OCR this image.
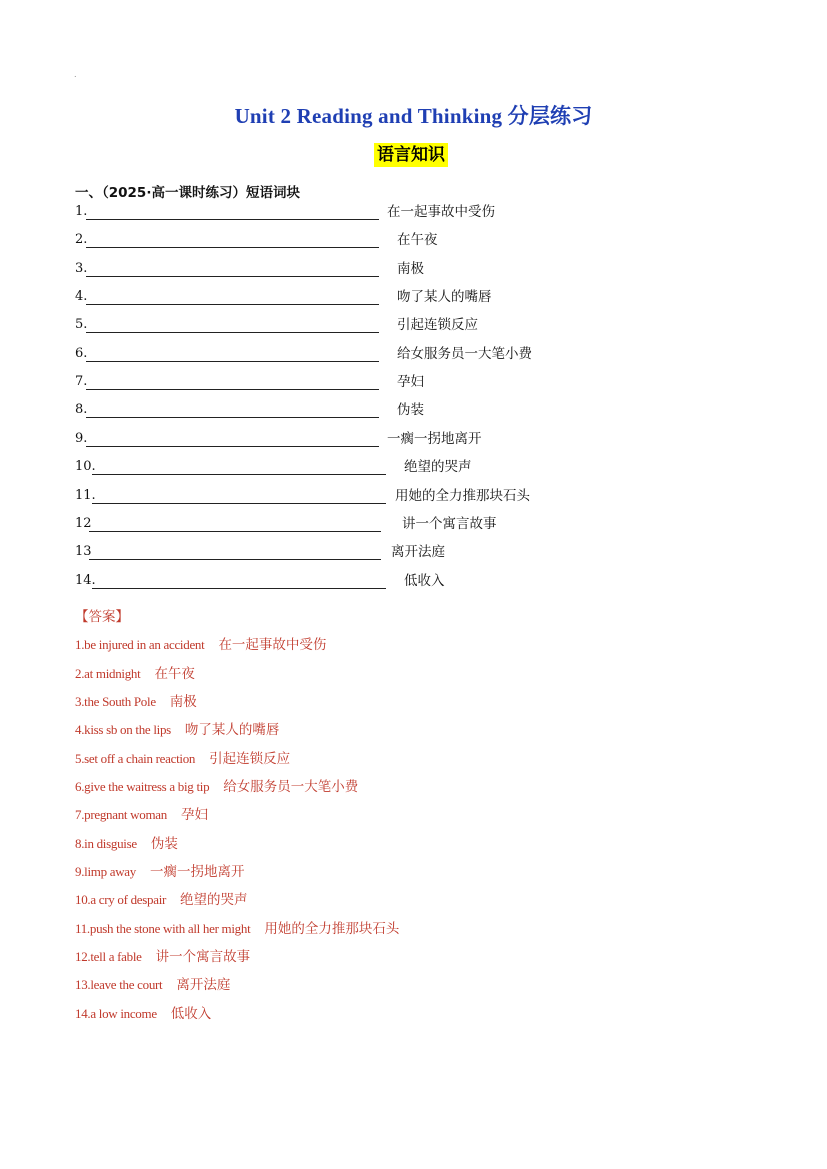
.
Unit 2 Reading and Thinking 分层练习
语言知识
一、（2025·高一课时练习）短语词块
1.	在一起事故中受伤
2.	在午夜
3.	南极
4.	吻了某人的嘴唇
5.	引起连锁反应
6.	给女服务员一大笔小费
7.	孕妇
8.	伪装
9.	一瘸一拐地离开
10.	绝望的哭声
11.	用她的全力推那块石头
12	讲一个寓言故事
13	离开法庭
14.	低收入
【答案】
1.be injured in an accident 在一起事故中受伤
2.at midnight 在午夜
3.the South Pole 南极
4.kiss sb on the lips 吻了某人的嘴唇
5.set off a chain reaction 引起连锁反应
6.give the waitress a big tip 给女服务员一大笔小费
7.pregnant woman 孕妇
8.in disguise 伪装
9.limp away 一瘸一拐地离开
10.a cry of despair 绝望的哭声
11.push the stone with all her might 用她的全力推那块石头
12.tell a fable 讲一个寓言故事
13.leave the court 离开法庭
14.a low income 低收入
